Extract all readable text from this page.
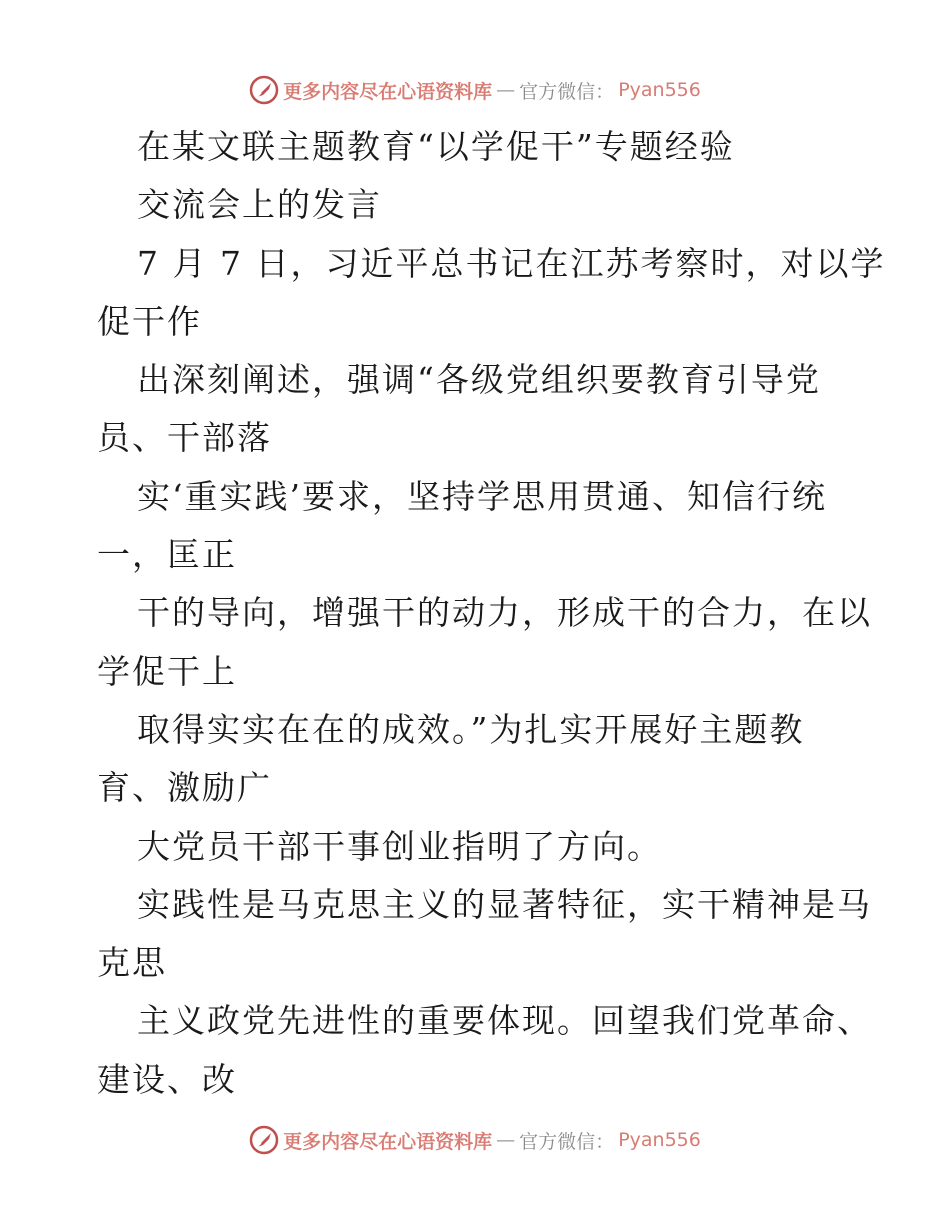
更多内容尽在心语资料库 — 官方微信： Pyan556
在某文联主题教育“以学促干”专题经验
交流会上的发言
7 月 7 日，习近平总书记在江苏考察时，对以学
促干作
出深刻阐述，强调“各级党组织要教育引导党
员、干部落
实‘重实践’要求，坚持学思用贯通、知信行统
一，匡正
干的导向，增强干的动力，形成干的合力，在以
学促干上
取得实实在在的成效。”为扎实开展好主题教
育、激励广
大党员干部干事创业指明了方向。
实践性是马克思主义的显著特征，实干精神是马
克思
主义政党先进性的重要体现。回望我们党革命、
建设、改
更多内容尽在心语资料库 — 官方微信： Pyan556
